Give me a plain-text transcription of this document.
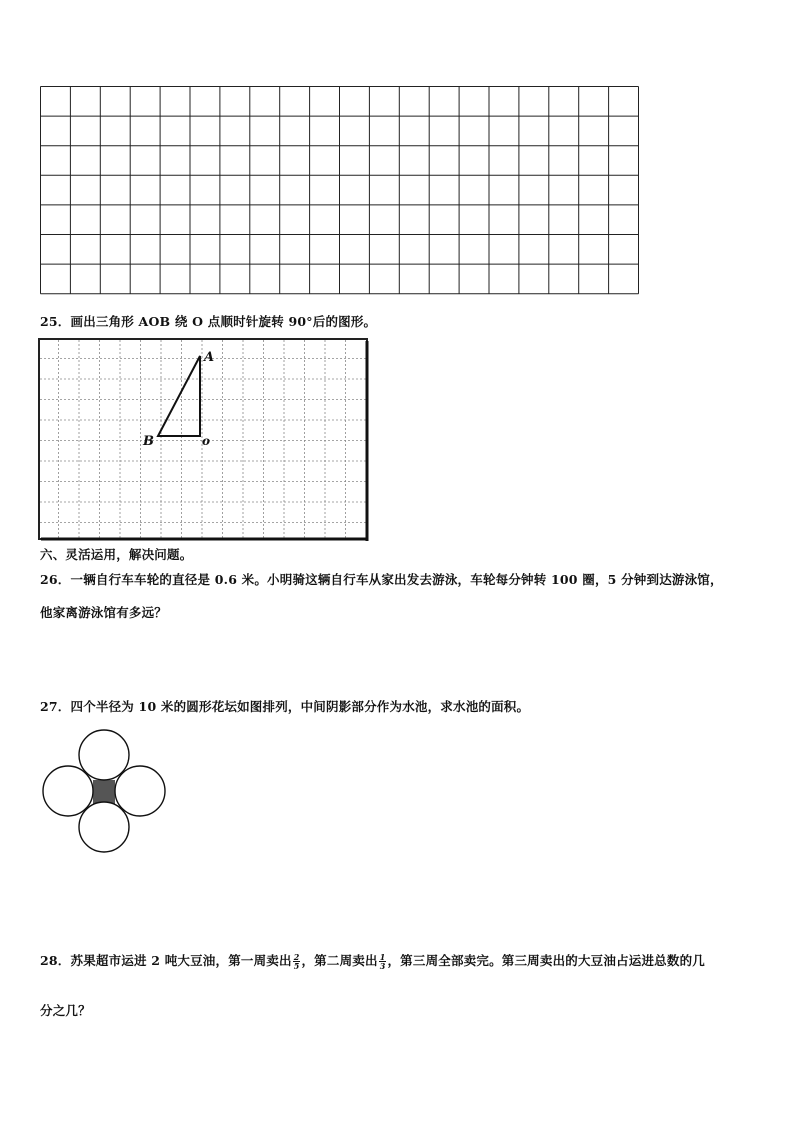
25．画出三角形 AOB 绕 O 点顺时针旋转 90°后的图形。
A
B	o
六、灵活运用，解决问题。
26．一辆自行车车轮的直径是 0.6 米。小明骑这辆自行车从家出发去游泳，车轮每分钟转 100 圈，5 分钟到达游泳馆，
他家离游泳馆有多远？
27．四个半径为 10 米的圆形花坛如图排列，中间阴影部分作为水池，求水池的面积。
28．苏果超市运进 2 吨大豆油，第一周卖出 $\frac{2}{5}$ ，第二周卖出 $\frac{1}{3}$ ，第三周全部卖完。第三周卖出的大豆油占运进总数的几
分之几？
